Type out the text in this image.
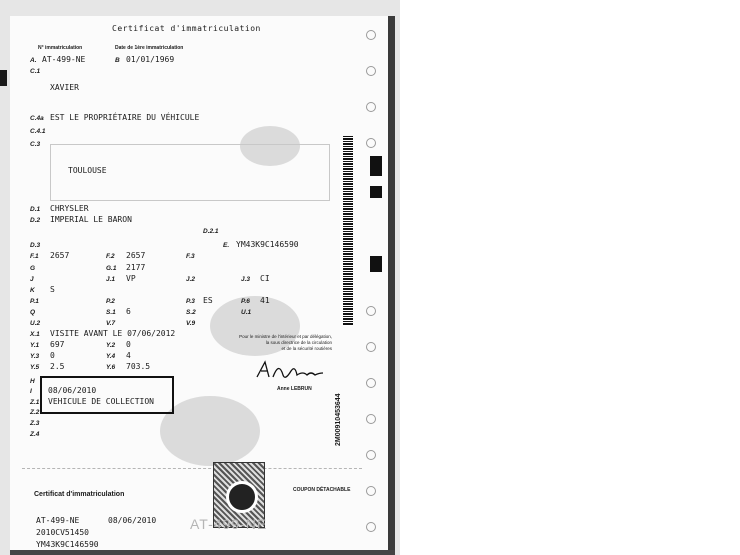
Certificat d'immatriculation
N° immatriculation	Date de 1ère immatriculation
A. AT-499-NE	B 01/01/1969
C.1
XAVIER
C.4a EST LE PROPRIÉTAIRE DU VÉHICULE
C.4.1
C.3
TOULOUSE
D.1 CHRYSLER
D.2 IMPERIAL LE BARON
D.2.1
D.3	E. YM43K9C146590
F.1 2657	F.2 2657	F.3
G	G.1 2177
J	J.1 VP	J.2	J.3 CI
K S
P.1	P.2	P.3 ES	P.6 41
Q	S.1 6	S.2	U.1
U.2	V.7	V.9
X.1 VISITE AVANT LE 07/06/2012
Y.1 697	Y.2 0
Y.3 0	Y.4 4
Y.5 2.5	Y.6 703.5
Pour le ministre de l'intérieur et par délégation,
la sous directrice de la circulation
et de la sécurité routières
Anne LEBRUN
H
I 08/06/2010
Z.1 VEHICULE DE COLLECTION
Z.2
Z.3
Z.4	2M00910453644
COUPON DÉTACHABLE
Certificat d'immatriculation
AT-499-NE	08/06/2010
2010CV51450
YM43K9C146590
AT-499-NE
